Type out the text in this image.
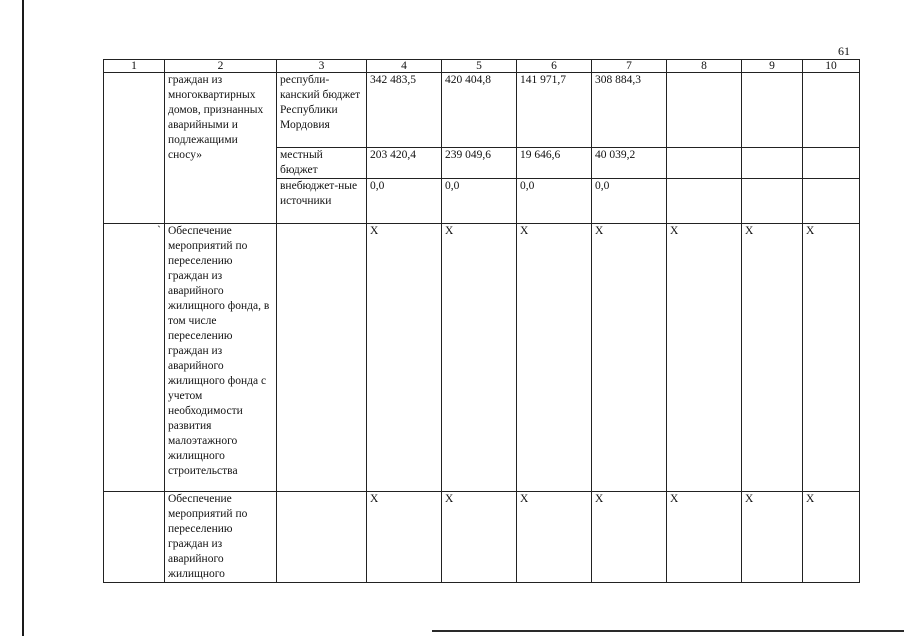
61
1	2	3	4	5	6	7	8	9	10
	граждан из многоквартирных домов, признанных аварийными и подлежащими сносу»	республи-канский бюджет Республики Мордовия	342 483,5	420 404,8	141 971,7	308 884,3			
		местный бюджет	203 420,4	239 049,6	19 646,6	40 039,2			
		внебюджет-ные источники	0,0	0,0	0,0	0,0			
`	Обеспечение мероприятий по переселению граждан из аварийного жилищного фонда, в том числе переселению граждан из аварийного жилищного фонда с учетом необходимости развития малоэтажного жилищного строительства		X	X	X	X	X	X	X
	Обеспечение мероприятий по переселению граждан из аварийного жилищного		X	X	X	X	X	X	X
